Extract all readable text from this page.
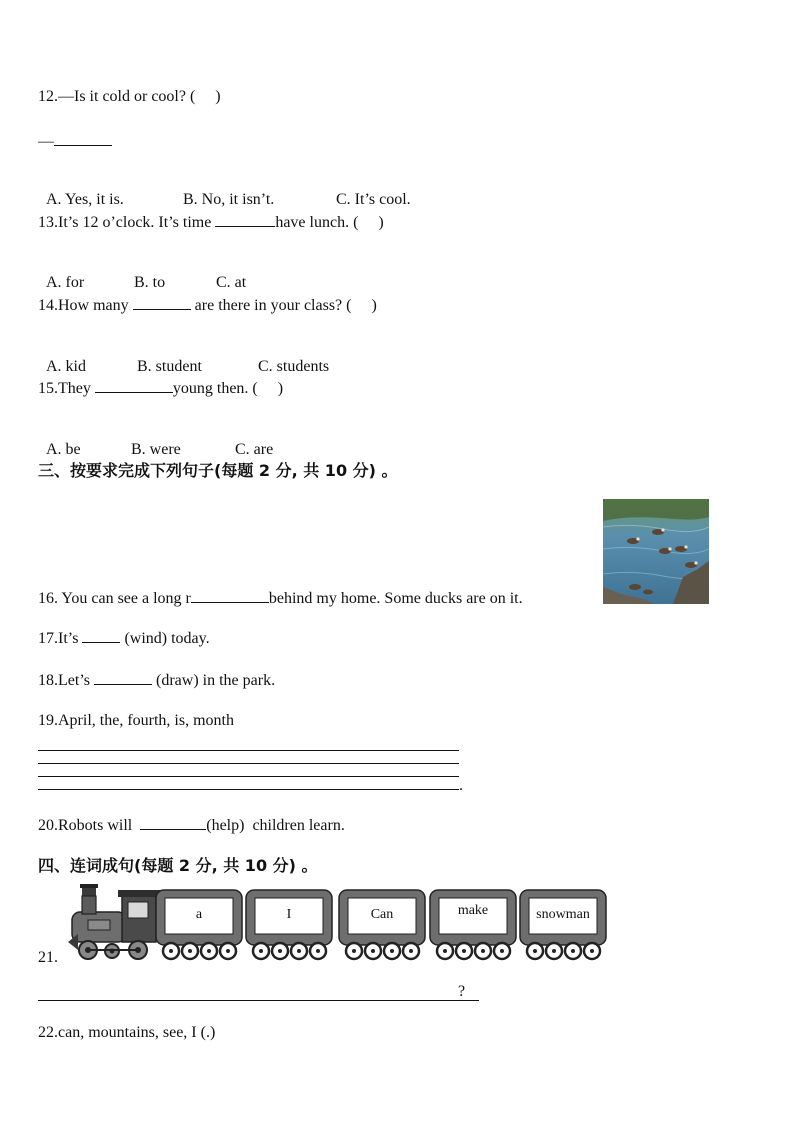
12.—Is it cold or cool? ( )
—

A. Yes, it is.	B. No, it isn’t.	C. It’s cool.

13.It’s 12 o’clock. It’s time	have lunch. ( )

A. for	B. to	C. at

14.How many	are there in your class? ( )

A. kid	B. student	C. students

15.They	young then. ( )

A. be	B. were	C. are

三、按要求完成下列句子(每题 2 分, 共 10 分) 。
16. You can see a long r	behind my home. Some ducks are on it.
17.It’s  (wind) today.
18.Let’s	(draw) in the park.
19.April, the, fourth, is, month
.
20.Robots will	(help)  children learn.
四、连词成句(每题 2 分, 共 10 分) 。
21.
a	I	Can	make	snowman
?
22.can, mountains, see, I (.)
